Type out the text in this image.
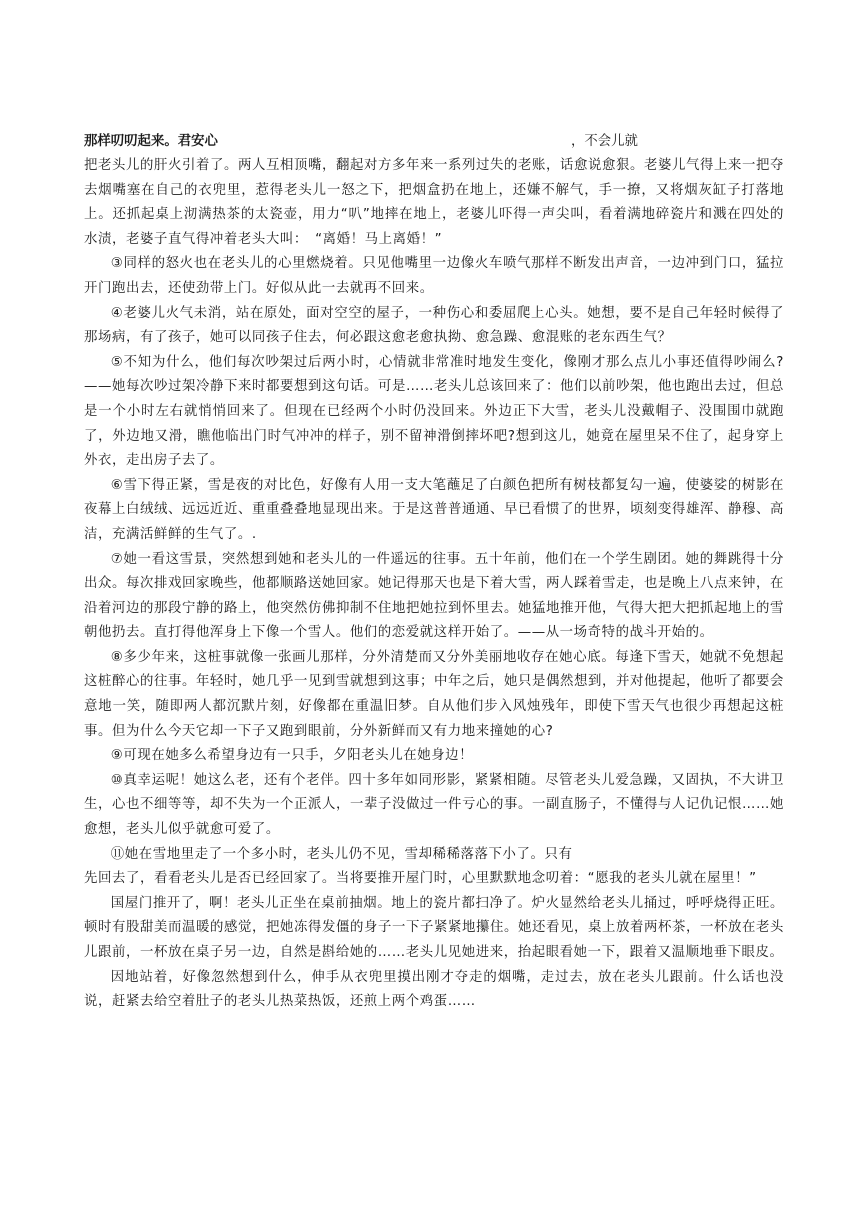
那样叨叨起来。君安心	，不会儿就

把老头儿的肝火引着了。两人互相顶嘴，翻起对方多年来一系列过失的老账，话愈说愈狠。老婆儿气得上来一把夺去烟嘴塞在自己的衣兜里，惹得老头儿一怒之下，把烟盒扔在地上，还嫌不解气，手一撩，又将烟灰缸子打落地上。还抓起桌上沏满热茶的太瓷壶，用力“叭”地摔在地上，老婆儿吓得一声尖叫，看着满地碎瓷片和溅在四处的水渍，老婆子直气得冲着老头大叫：　“离婚！马上离婚！”

③同样的怒火也在老头儿的心里燃烧着。只见他嘴里一边像火车喷气那样不断发出声音，一边冲到门口，猛拉开门跑出去，还使劲带上门。好似从此一去就再不回来。

④老婆儿火气未消，站在原处，面对空空的屋子，一种伤心和委屈爬上心头。她想，要不是自己年轻时候得了那场病，有了孩子，她可以同孩子住去，何必跟这愈老愈执拗、愈急躁、愈混账的老东西生气？

⑤不知为什么，他们每次吵架过后两小时，心情就非常准时地发生变化，像刚才那么点儿小事还值得吵闹么?——她每次吵过架冷静下来时都要想到这句话。可是……老头儿总该回来了：他们以前吵架，他也跑出去过，但总是一个小时左右就悄悄回来了。但现在已经两个小时仍没回来。外边正下大雪，老头儿没戴帽子、没围围巾就跑了，外边地又滑，瞧他临出门时气冲冲的样子，别不留神滑倒摔坏吧?想到这儿，她竟在屋里呆不住了，起身穿上外衣，走出房子去了。

⑥雪下得正紧，雪是夜的对比色，好像有人用一支大笔蘸足了白颜色把所有树枝都复勾一遍，使婆娑的树影在夜幕上白绒绒、远远近近、重重叠叠地显现出来。于是这普普通通、早已看惯了的世界，顷刻变得雄浑、静穆、高洁，充满活鲜鲜的生气了。.

⑦她一看这雪景，突然想到她和老头儿的一件遥远的往事。五十年前，他们在一个学生剧团。她的舞跳得十分出众。每次排戏回家晚些，他都顺路送她回家。她记得那天也是下着大雪，两人踩着雪走，也是晚上八点来钟，在沿着河边的那段宁静的路上，他突然仿佛抑制不住地把她拉到怀里去。她猛地推开他，气得大把大把抓起地上的雪朝他扔去。直打得他浑身上下像一个雪人。他们的恋爱就这样开始了。——从一场奇特的战斗开始的。

⑧多少年来，这桩事就像一张画儿那样，分外清楚而又分外美丽地收存在她心底。每逢下雪天，她就不免想起这桩醉心的往事。年轻时，她几乎一见到雪就想到这事；中年之后，她只是偶然想到，并对他提起，他听了都要会意地一笑，随即两人都沉默片刻，好像都在重温旧梦。自从他们步入风烛残年，即使下雪天气也很少再想起这桩事。但为什么今天它却一下子又跑到眼前，分外新鲜而又有力地来撞她的心?

⑨可现在她多么希望身边有一只手，夕阳老头儿在她身边！

⑩真幸运呢！她这么老，还有个老伴。四十多年如同形影，紧紧相随。尽管老头儿爱急躁，又固执，不大讲卫生，心也不细等等，却不失为一个正派人，一辈子没做过一件亏心的事。一副直肠子，不懂得与人记仇记恨……她愈想，老头儿似乎就愈可爱了。

⑪她在雪地里走了一个多小时，老头儿仍不见，雪却稀稀落落下小了。只有

先回去了，看看老头儿是否已经回家了。当将要推开屋门时，心里默默地念叨着：“愿我的老头儿就在屋里！”

国屋门推开了，啊！老头儿正坐在桌前抽烟。地上的瓷片都扫净了。炉火显然给老头儿捅过，呼呼烧得正旺。顿时有股甜美而温暖的感觉，把她冻得发僵的身子一下子紧紧地攥住。她还看见，桌上放着两杯茶，一杯放在老头儿跟前，一杯放在桌子另一边，自然是斟给她的……老头儿见她进来，抬起眼看她一下，跟着又温顺地垂下眼皮。

因地站着，好像忽然想到什么，伸手从衣兜里摸出刚才夺走的烟嘴，走过去，放在老头儿跟前。什么话也没说，赶紧去给空着肚子的老头儿热菜热饭，还煎上两个鸡蛋……
